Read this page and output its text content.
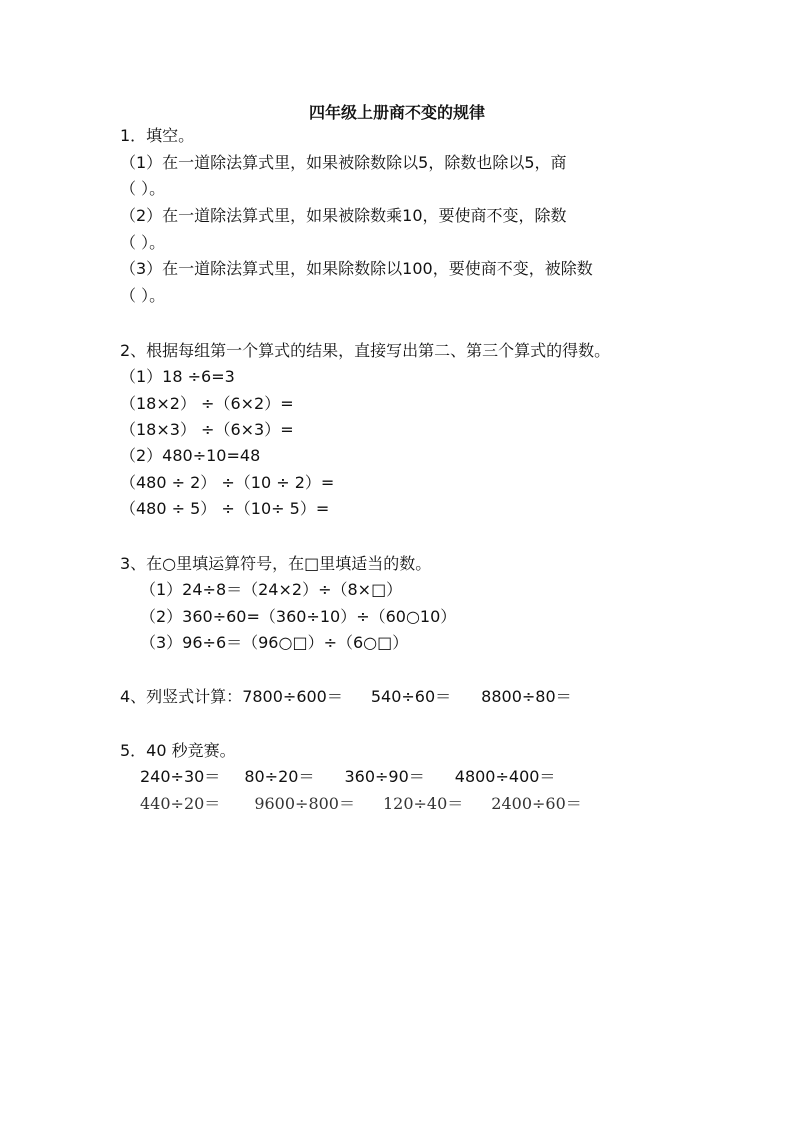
四年级上册商不变的规律
1．填空。
（1）在一道除法算式里，如果被除数除以5，除数也除以5，商
（ ）。
（2）在一道除法算式里，如果被除数乘10，要使商不变，除数
（ ）。
（3）在一道除法算式里，如果除数除以100，要使商不变，被除数
（ ）。
2、根据每组第一个算式的结果，直接写出第二、第三个算式的得数。
（1）18 ÷6=3
（18×2） ÷（6×2）=
（18×3） ÷（6×3）=
（2）480÷10=48
（480 ÷ 2） ÷（10 ÷ 2）=
（480 ÷ 5） ÷（10÷ 5）=
3、在○里填运算符号，在□里填适当的数。
（1）24÷8＝（24×2）÷（8×□）
（2）360÷60=（360÷10）÷（60○10）
（3）96÷6＝（96○□）÷（6○□）
4、列竖式计算：7800÷600＝ 540÷60＝ 8800÷80＝
5．40 秒竞赛。
240÷30＝ 80÷20＝ 360÷90＝ 4800÷400＝
440÷20＝ 9600÷800＝ 120÷40＝ 2400÷60＝
